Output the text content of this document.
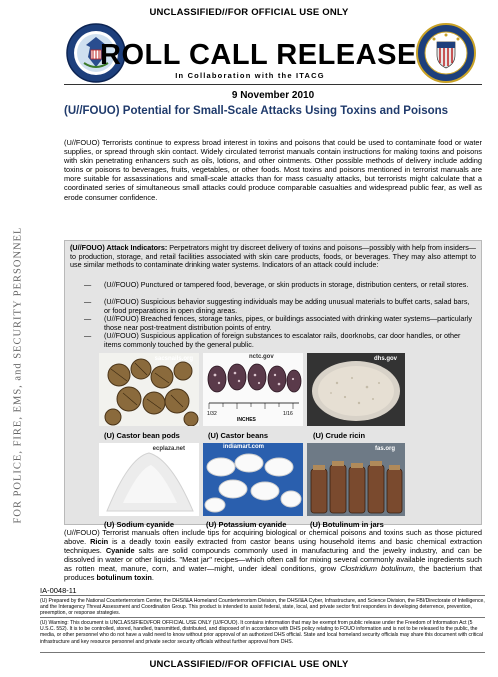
UNCLASSIFIED//FOR OFFICIAL USE ONLY
ROLL CALL RELEASE
In Collaboration with the ITACG
FOR POLICE, FIRE, EMS, and SECURITY PERSONNEL
9 November 2010
(U//FOUO) Potential for Small-Scale Attacks Using Toxins and Poisons
(U//FOUO) Terrorists continue to express broad interest in toxins and poisons that could be used to contaminate food or water supplies, or spread through skin contact. Widely circulated terrorist manuals contain instructions for making toxins and poisons with skin penetrating enhancers such as oils, lotions, and other ointments. Other possible methods of delivery include adding toxins or poisons to beverages, fruits, vegetables, or other foods. Most toxins and poisons mentioned in terrorist manuals are more suitable for assassinations and small-scale attacks than for mass casualty attacks, but terrorists might calculate that a coordinated series of simultaneous small attacks could produce comparable casualties and widespread public fear, as well as erode consumer confidence.
(U//FOUO) Attack Indicators: Perpetrators might try discreet delivery of toxins and poisons—possibly with help from insiders—to production, storage, and retail facilities associated with skin care products, foods, or beverages. They may also attempt to use similar methods to contaminate drinking water systems. Indicators of an attack could include:
— (U//FOUO) Punctured or tampered food, beverage, or skin products in storage, distribution centers, or retail stores.
— (U//FOUO) Suspicious behavior suggesting individuals may be adding unusual materials to buffet carts, salad bars, or food preparations in open dining areas.
— (U//FOUO) Breached fences, storage tanks, pipes, or buildings associated with drinking water systems—particularly those near post-treatment distribution points of entry.
— (U//FOUO) Suspicious application of foreign substances to escalator rails, doorknobs, car door handles, or other items commonly touched by the general public.
sacsnails.org
(U) Castor bean pods
nctc.gov
1/32
INCHES
1/16
(U) Castor beans
dhs.gov
(U) Crude ricin
ecplaza.net
(U) Sodium cyanide
indiamart.com
(U) Potassium cyanide
fas.org
(U) Botulinum in jars
(U//FOUO) Terrorist manuals often include tips for acquiring biological or chemical poisons and toxins such as those pictured above. Ricin is a deadly toxin easily extracted from castor beans using household items and basic chemical extraction techniques. Cyanide salts are solid compounds commonly used in manufacturing and the jewelry industry, and can be dissolved in water or other liquids. "Meat jar" recipes—which often call for mixing several commonly available ingredients such as rotten meat, manure, corn, and water—might, under ideal conditions, grow Clostridium botulinum, the bacterium that produces botulinum toxin.
IA-0048-11
(U) Prepared by the National Counterterrorism Center, the DHS/I&A Homeland Counterterrorism Division, the DHS/I&A Cyber, Infrastructure, and Science Division, the FBI/Directorate of Intelligence, and the Interagency Threat Assessment and Coordination Group. This product is intended to assist federal, state, local, and private sector first responders in developing deterrence, prevention, preemption, or response strategies.
(U) Warning: This document is UNCLASSIFIED//FOR OFFICIAL USE ONLY (U//FOUO). It contains information that may be exempt from public release under the Freedom of Information Act (5 U.S.C. 552). It is to be controlled, stored, handled, transmitted, distributed, and disposed of in accordance with DHS policy relating to FOUO information and is not to be released to the public, the media, or other personnel who do not have a valid need to know without prior approval of an authorized DHS official. State and local homeland security officials may share this document with critical infrastructure and key resource personnel and private sector security officials without further approval from DHS.
UNCLASSIFIED//FOR OFFICIAL USE ONLY
